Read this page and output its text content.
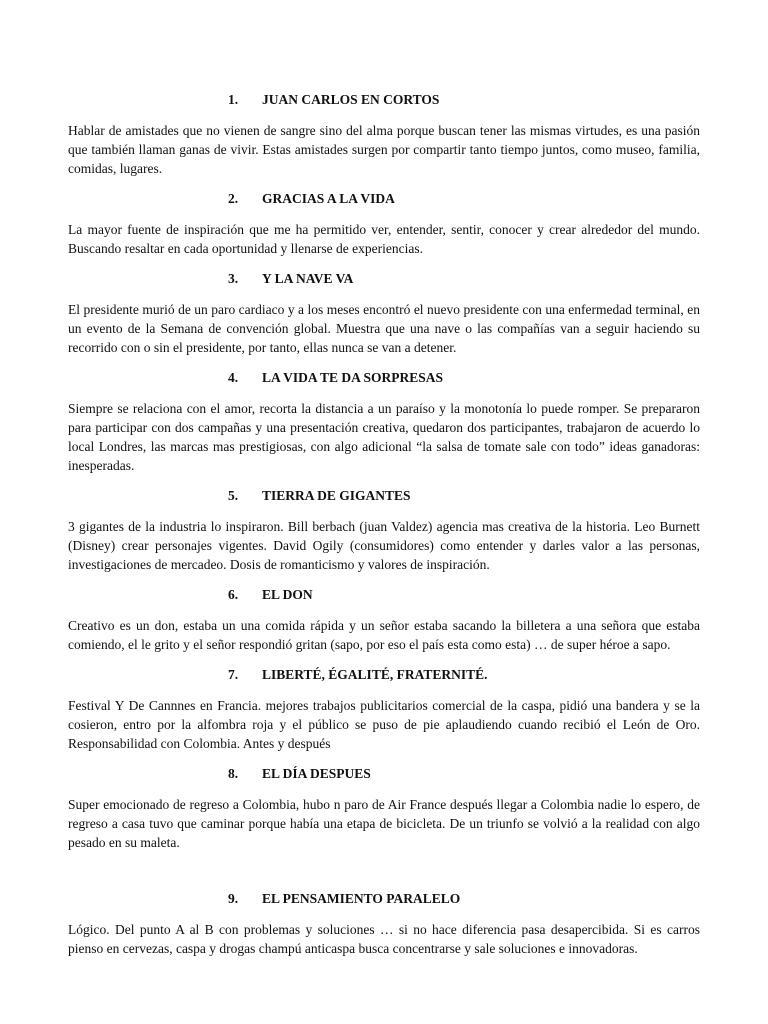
1.	JUAN CARLOS EN CORTOS

Hablar de amistades que no vienen de sangre sino del alma porque buscan tener las mismas virtudes, es una pasión que también llaman ganas de vivir. Estas amistades surgen por compartir tanto tiempo juntos, como museo, familia, comidas, lugares.

2.	GRACIAS A LA VIDA

La mayor fuente de inspiración que me ha permitido ver, entender, sentir, conocer y crear alrededor del mundo. Buscando resaltar en cada oportunidad y llenarse de experiencias.

3.	Y LA NAVE VA

El presidente murió de un paro cardiaco y a los meses encontró el nuevo presidente con una enfermedad terminal, en un evento de la Semana de convención global. Muestra que una nave o las compañías van a seguir haciendo su recorrido con o sin el presidente, por tanto, ellas nunca se van a detener.

4.	LA VIDA TE DA SORPRESAS

Siempre se relaciona con el amor, recorta la distancia a un paraíso y la monotonía lo puede romper. Se prepararon para participar con dos campañas y una presentación creativa, quedaron dos participantes, trabajaron de acuerdo lo local Londres, las marcas mas prestigiosas, con algo adicional “la salsa de tomate sale con todo” ideas ganadoras: inesperadas.

5.	TIERRA DE GIGANTES

3 gigantes de la industria lo inspiraron. Bill berbach (juan Valdez) agencia mas creativa de la historia. Leo Burnett (Disney) crear personajes vigentes. David Ogily (consumidores) como entender y darles valor a las personas, investigaciones de mercadeo. Dosis de romanticismo y valores de inspiración.

6.	EL DON

Creativo es un don, estaba un una comida rápida y un señor estaba sacando la billetera a una señora que estaba comiendo, el le grito y el señor respondió gritan (sapo, por eso el país esta como esta) … de super héroe a sapo.

7.	LIBERTÉ, ÉGALITÉ, FRATERNITÉ.

Festival Y De Cannnes en Francia. mejores trabajos publicitarios comercial de la caspa, pidió una bandera y se la cosieron, entro por la alfombra roja y el público se puso de pie aplaudiendo cuando recibió el León de Oro. Responsabilidad con Colombia. Antes y después

8.	EL DÍA DESPUES

Super emocionado de regreso a Colombia, hubo n paro de Air France después llegar a Colombia nadie lo espero, de regreso a casa tuvo que caminar porque había una etapa de bicicleta. De un triunfo se volvió a la realidad con algo pesado en su maleta.

9.	EL PENSAMIENTO PARALELO

Lógico. Del punto A al B con problemas y soluciones … si no hace diferencia pasa desapercibida. Si es carros pienso en cervezas, caspa y drogas champú anticaspa busca concentrarse y sale soluciones e innovadoras.
